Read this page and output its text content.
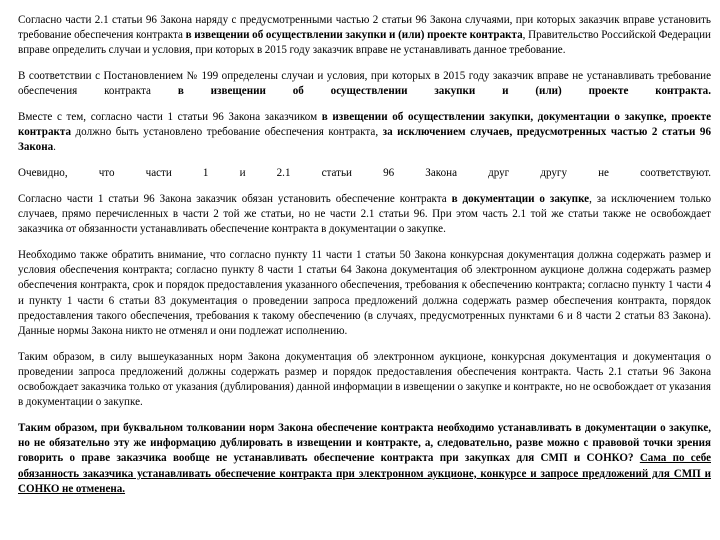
Согласно части 2.1 статьи 96 Закона наряду с предусмотренными частью 2 статьи 96 Закона случаями, при которых заказчик вправе установить требование обеспечения контракта в извещении об осуществлении закупки и (или) проекте контракта, Правительство Российской Федерации вправе определить случаи и условия, при которых в 2015 году заказчик вправе не устанавливать данное требование.

В соответствии с Постановлением № 199 определены случаи и условия, при которых в 2015 году заказчик вправе не устанавливать требование обеспечения контракта в извещении об осуществлении закупки и (или) проекте контракта.

Вместе с тем, согласно части 1 статьи 96 Закона заказчиком в извещении об осуществлении закупки, документации о закупке, проекте контракта должно быть установлено требование обеспечения контракта, за исключением случаев, предусмотренных частью 2 статьи 96 Закона.

Очевидно, что части 1 и 2.1 статьи 96 Закона друг другу не соответствуют.

Согласно части 1 статьи 96 Закона заказчик обязан установить обеспечение контракта в документации о закупке, за исключением только случаев, прямо перечисленных в части 2 той же статьи, но не части 2.1 статьи 96. При этом часть 2.1 той же статьи также не освобождает заказчика от обязанности устанавливать обеспечение контракта в документации о закупке.

Необходимо также обратить внимание, что согласно пункту 11 части 1 статьи 50 Закона конкурсная документация должна содержать размер и условия обеспечения контракта; согласно пункту 8 части 1 статьи 64 Закона документация об электронном аукционе должна содержать размер обеспечения контракта, срок и порядок предоставления указанного обеспечения, требования к обеспечению контракта; согласно пункту 1 части 4 и пункту 1 части 6 статьи 83 документация о проведении запроса предложений должна содержать размер обеспечения контракта, порядок предоставления такого обеспечения, требования к такому обеспечению (в случаях, предусмотренных пунктами 6 и 8 части 2 статьи 83 Закона). Данные нормы Закона никто не отменял и они подлежат исполнению.

Таким образом, в силу вышеуказанных норм Закона документация об электронном аукционе, конкурсная документация и документация о проведении запроса предложений должны содержать размер и порядок предоставления обеспечения контракта. Часть 2.1 статьи 96 Закона освобождает заказчика только от указания (дублирования) данной информации в извещении о закупке и контракте, но не освобождает от указания в документации о закупке.

Таким образом, при буквальном толковании норм Закона обеспечение контракта необходимо устанавливать в документации о закупке, но не обязательно эту же информацию дублировать в извещении и контракте, а, следовательно, разве можно с правовой точки зрения говорить о праве заказчика вообще не устанавливать обеспечение контракта при закупках для СМП и СОНКО? Сама по себе обязанность заказчика устанавливать обеспечение контракта при электронном аукционе, конкурсе и запросе предложений для СМП и СОНКО не отменена.
